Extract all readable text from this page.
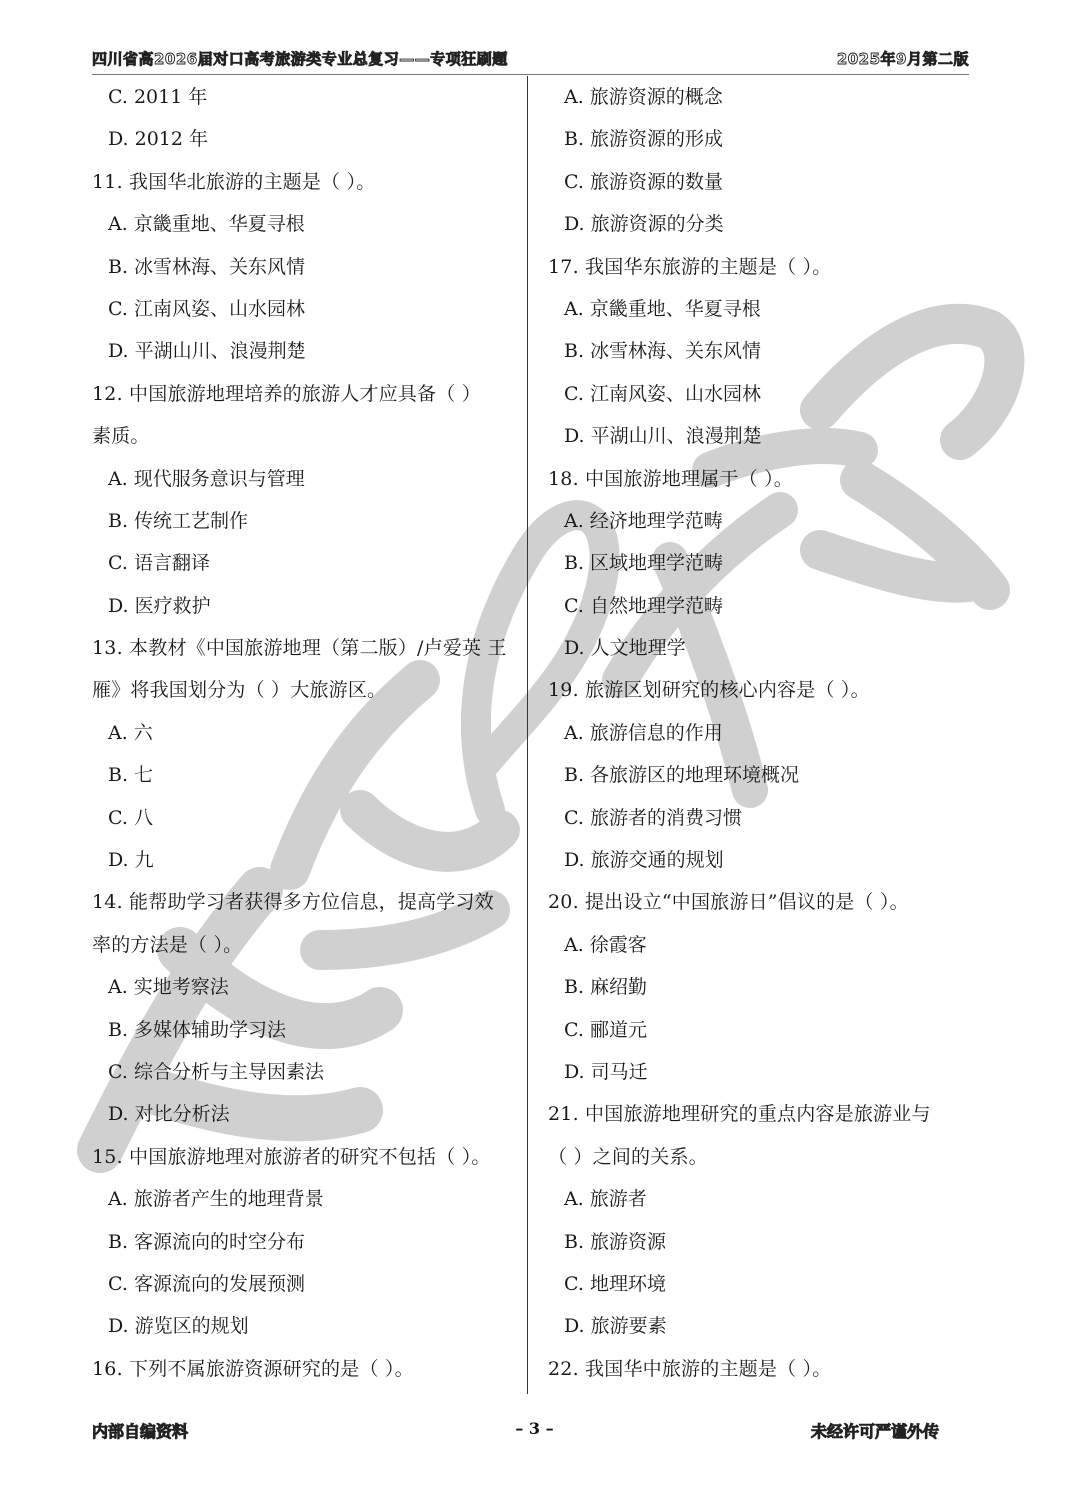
四川省高2026届对口高考旅游类专业总复习——专项狂刷题	2025年9月第二版
C. 2011 年
D. 2012 年
11. 我国华北旅游的主题是（ ）。
A. 京畿重地、华夏寻根
B. 冰雪林海、关东风情
C. 江南风姿、山水园林
D. 平湖山川、浪漫荆楚
12. 中国旅游地理培养的旅游人才应具备（ ）
素质。
A. 现代服务意识与管理
B. 传统工艺制作
C. 语言翻译
D. 医疗救护
13. 本教材《中国旅游地理（第二版）/卢爱英 王
雁》将我国划分为（ ）大旅游区。
A. 六
B. 七
C. 八
D. 九
14. 能帮助学习者获得多方位信息，提高学习效
率的方法是（ ）。
A. 实地考察法
B. 多媒体辅助学习法
C. 综合分析与主导因素法
D. 对比分析法
15. 中国旅游地理对旅游者的研究不包括（ ）。
A. 旅游者产生的地理背景
B. 客源流向的时空分布
C. 客源流向的发展预测
D. 游览区的规划
16. 下列不属旅游资源研究的是（ ）。
A. 旅游资源的概念
B. 旅游资源的形成
C. 旅游资源的数量
D. 旅游资源的分类
17. 我国华东旅游的主题是（ ）。
A. 京畿重地、华夏寻根
B. 冰雪林海、关东风情
C. 江南风姿、山水园林
D. 平湖山川、浪漫荆楚
18. 中国旅游地理属于（ ）。
A. 经济地理学范畴
B. 区域地理学范畴
C. 自然地理学范畴
D. 人文地理学
19. 旅游区划研究的核心内容是（ ）。
A. 旅游信息的作用
B. 各旅游区的地理环境概况
C. 旅游者的消费习惯
D. 旅游交通的规划
20. 提出设立“中国旅游日”倡议的是（ ）。
A. 徐霞客
B. 麻绍勤
C. 郦道元
D. 司马迁
21. 中国旅游地理研究的重点内容是旅游业与
（ ）之间的关系。
A. 旅游者
B. 旅游资源
C. 地理环境
D. 旅游要素
22. 我国华中旅游的主题是（ ）。
内部自编资料	– 3 –	未经许可严谨外传
